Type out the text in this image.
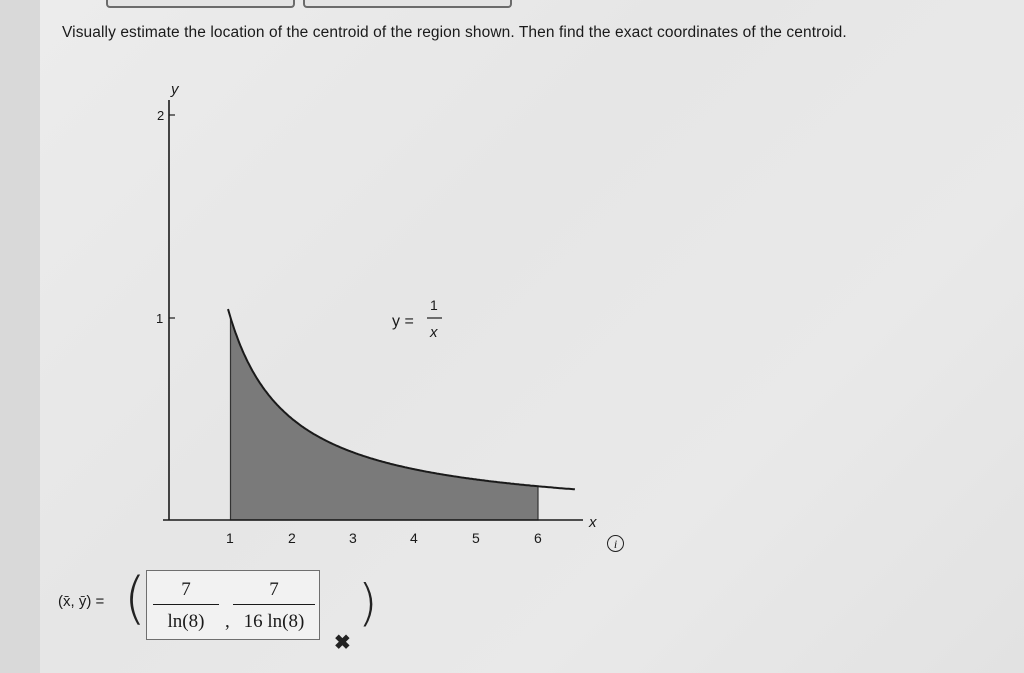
Visually estimate the location of the centroid of the region shown. Then find the exact coordinates of the centroid.
y
2
1
1	2	3	4	5	6
x
y =
1
x
i
(x̄, ȳ) = (	7
ln(8)	,
7
16 ln(8) )
✖
